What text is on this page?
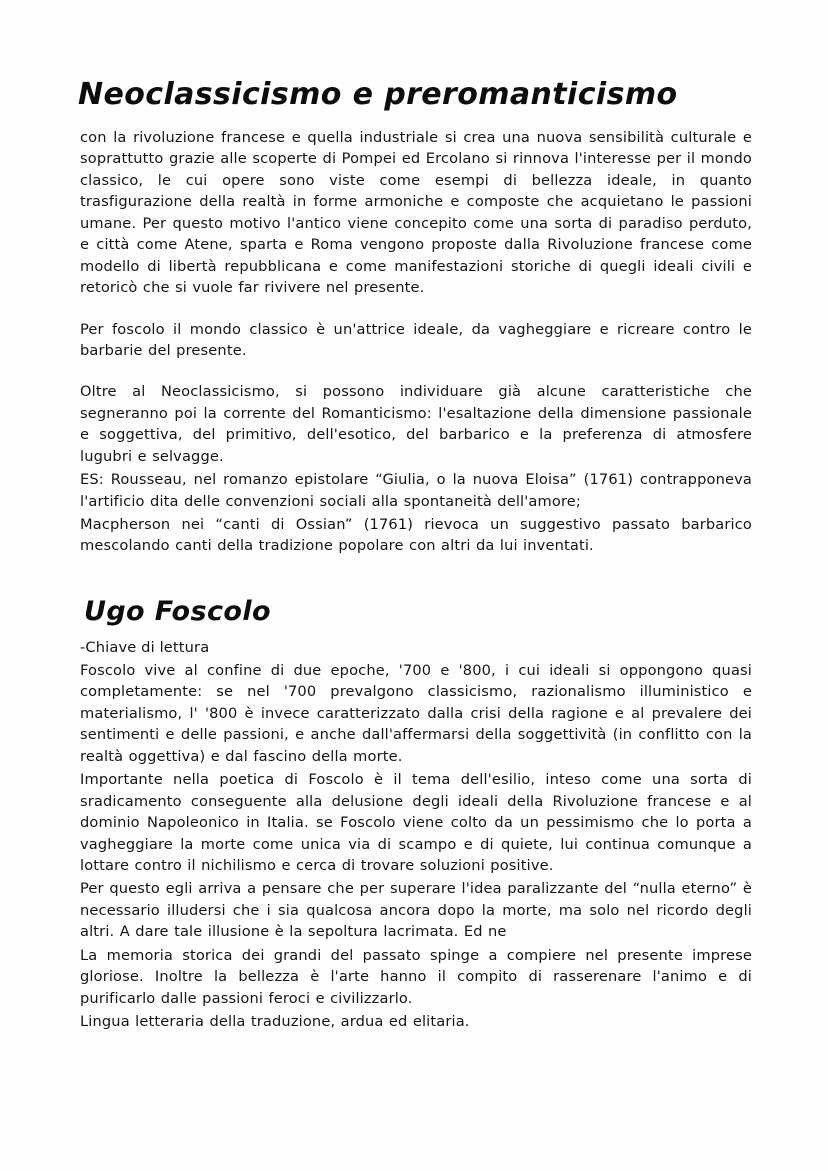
Neoclassicismo e preromanticismo

con la rivoluzione francese e quella industriale si crea una nuova sensibilità culturale e soprattutto grazie alle scoperte di Pompei ed Ercolano si rinnova l'interesse per il mondo classico, le cui opere sono viste come esempi di bellezza ideale, in quanto trasfigurazione della realtà in forme armoniche e composte che acquietano le passioni umane. Per questo motivo l'antico viene concepito come una sorta di paradiso perduto, e città come Atene, sparta e Roma vengono proposte dalla Rivoluzione francese come modello di libertà repubblicana e come manifestazioni storiche di quegli ideali civili e retoricò che si vuole far rivivere nel presente.

Per foscolo il mondo classico è un'attrice ideale, da vagheggiare e ricreare contro le barbarie del presente.

Oltre al Neoclassicismo, si possono individuare già alcune caratteristiche che segneranno poi la corrente del Romanticismo: l'esaltazione della dimensione passionale e soggettiva, del primitivo, dell'esotico, del barbarico e la preferenza di atmosfere lugubri e selvagge.

ES: Rousseau, nel romanzo epistolare “Giulia, o la nuova Eloisa” (1761) contrapponeva l'artificio dita delle convenzioni sociali alla spontaneità dell'amore;

Macpherson nei “canti di Ossian” (1761) rievoca un suggestivo passato barbarico mescolando canti della tradizione popolare con altri da lui inventati.

Ugo Foscolo

-Chiave di lettura

Foscolo vive al confine di due epoche, '700 e '800, i cui ideali si oppongono quasi completamente: se nel '700 prevalgono classicismo, razionalismo illuministico e materialismo, l' '800 è invece caratterizzato dalla crisi della ragione e al prevalere dei sentimenti e delle passioni, e anche dall'affermarsi della soggettività (in conflitto con la realtà oggettiva) e dal fascino della morte.

Importante nella poetica di Foscolo è il tema dell'esilio, inteso come una sorta di sradicamento conseguente alla delusione degli ideali della Rivoluzione francese e al dominio Napoleonico in Italia. se Foscolo viene colto da un pessimismo che lo porta a vagheggiare la morte come unica via di scampo e di quiete, lui continua comunque a lottare contro il nichilismo e cerca di trovare soluzioni positive.

Per questo egli arriva a pensare che per superare l'idea paralizzante del “nulla eterno” è necessario illudersi che i sia qualcosa ancora dopo la morte, ma solo nel ricordo degli altri. A dare tale illusione è la sepoltura lacrimata. Ed ne

La memoria storica dei grandi del passato spinge a compiere nel presente imprese gloriose. Inoltre la bellezza è l'arte hanno il compito di rasserenare l'animo e di purificarlo dalle passioni feroci e civilizzarlo.

Lingua letteraria della traduzione, ardua ed elitaria.
